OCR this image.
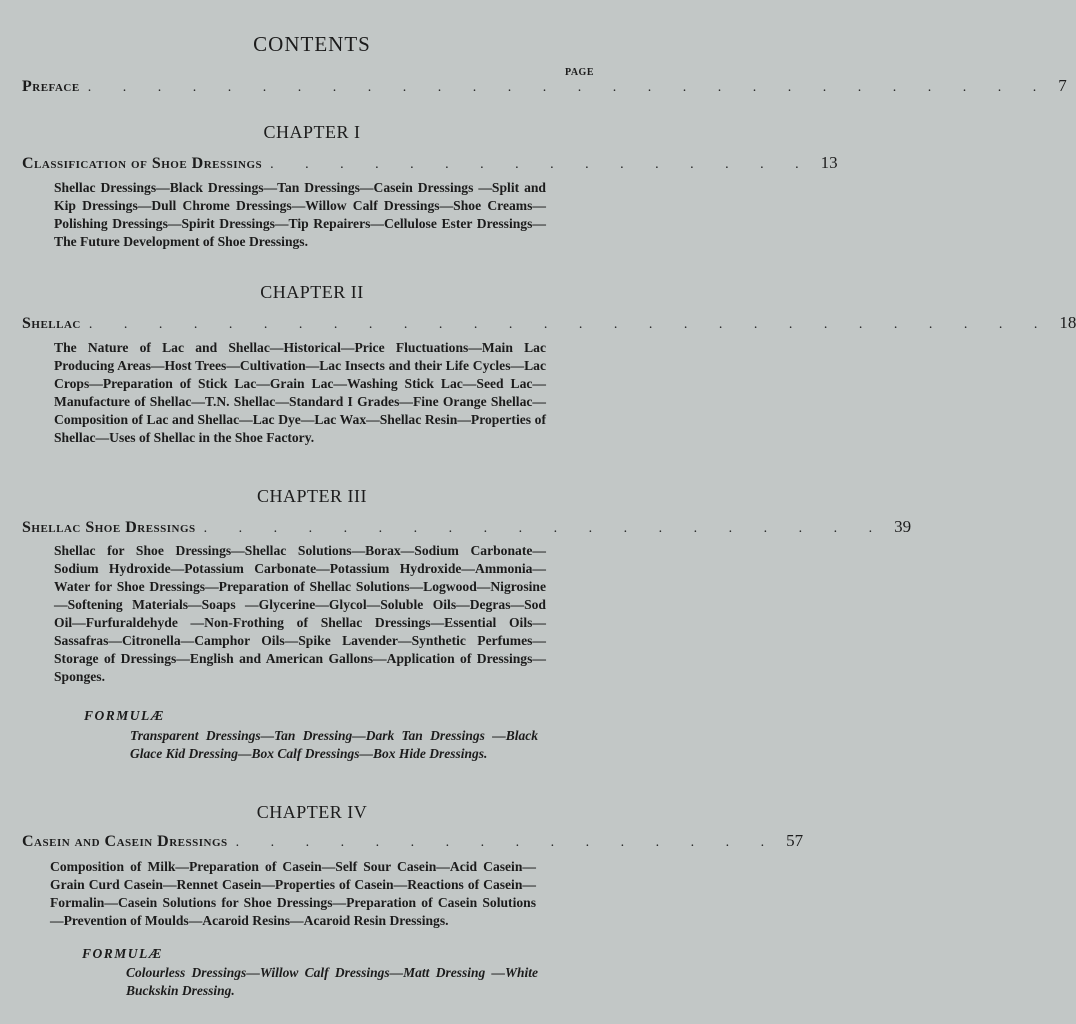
CONTENTS
PAGE
Preface . . . . . . . . . . . . . . . . . . . . . . . . . . . . 7
CHAPTER I
Classification of Shoe Dressings . . . . . . . . . . . . . . . . 13
Shellac Dressings—Black Dressings—Tan Dressings—Casein Dressings —Split and Kip Dressings—Dull Chrome Dressings—Willow Calf Dressings—Shoe Creams—Polishing Dressings—Spirit Dressings—Tip Repairers—Cellulose Ester Dressings—The Future Development of Shoe Dressings.
CHAPTER II
Shellac . . . . . . . . . . . . . . . . . . . . . . . . . . . . 18
The Nature of Lac and Shellac—Historical—Price Fluctuations—Main Lac Producing Areas—Host Trees—Cultivation—Lac Insects and their Life Cycles—Lac Crops—Preparation of Stick Lac—Grain Lac—Washing Stick Lac—Seed Lac—Manufacture of Shellac—T.N. Shellac—Standard I Grades—Fine Orange Shellac—Composition of Lac and Shellac—Lac Dye—Lac Wax—Shellac Resin—Properties of Shellac—Uses of Shellac in the Shoe Factory.
CHAPTER III
Shellac Shoe Dressings . . . . . . . . . . . . . . . . . . . . 39
Shellac for Shoe Dressings—Shellac Solutions—Borax—Sodium Carbonate—Sodium Hydroxide—Potassium Carbonate—Potassium Hydroxide—Ammonia—Water for Shoe Dressings—Preparation of Shellac Solutions—Logwood—Nigrosine—Softening Materials—Soaps —Glycerine—Glycol—Soluble Oils—Degras—Sod Oil—Furfuraldehyde —Non-Frothing of Shellac Dressings—Essential Oils—Sassafras—Citronella—Camphor Oils—Spike Lavender—Synthetic Perfumes—Storage of Dressings—English and American Gallons—Application of Dressings—Sponges.
FORMULÆ
Transparent Dressings—Tan Dressing—Dark Tan Dressings —Black Glace Kid Dressing—Box Calf Dressings—Box Hide Dressings.
CHAPTER IV
Casein and Casein Dressings . . . . . . . . . . . . . . . . 57
Composition of Milk—Preparation of Casein—Self Sour Casein—Acid Casein—Grain Curd Casein—Rennet Casein—Properties of Casein—Reactions of Casein—Formalin—Casein Solutions for Shoe Dressings—Preparation of Casein Solutions—Prevention of Moulds—Acaroid Resins—Acaroid Resin Dressings.
FORMULÆ
Colourless Dressings—Willow Calf Dressings—Matt Dressing —White Buckskin Dressing.
